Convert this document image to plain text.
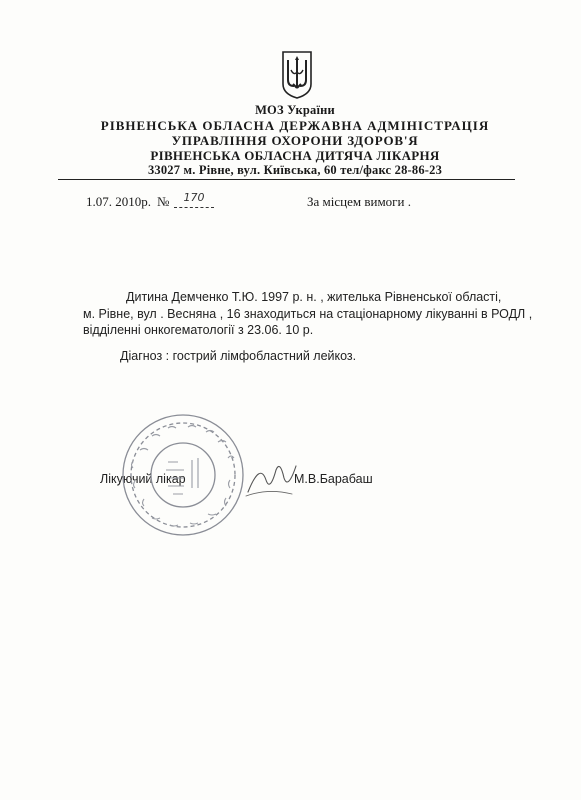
МОЗ України
РІВНЕНСЬКА ОБЛАСНА ДЕРЖАВНА АДМІНІСТРАЦІЯ
УПРАВЛІННЯ ОХОРОНИ ЗДОРОВ'Я
РІВНЕНСЬКА ОБЛАСНА ДИТЯЧА ЛІКАРНЯ
33027 м. Рівне, вул. Київська, 60 тел/факс 28-86-23
1.07. 2010р. №	170	За місцем вимоги .
Дитина Демченко Т.Ю. 1997 р. н. , жителька Рівненської області,
м. Рівне, вул . Весняна , 16 знаходиться на стаціонарному лікуванні в РОДЛ ,
відділенні онкогематології з 23.06. 10 р.
Діагноз : гострий лімфобластний лейкоз.
Лікуючий лікар	М.В.Барабаш
